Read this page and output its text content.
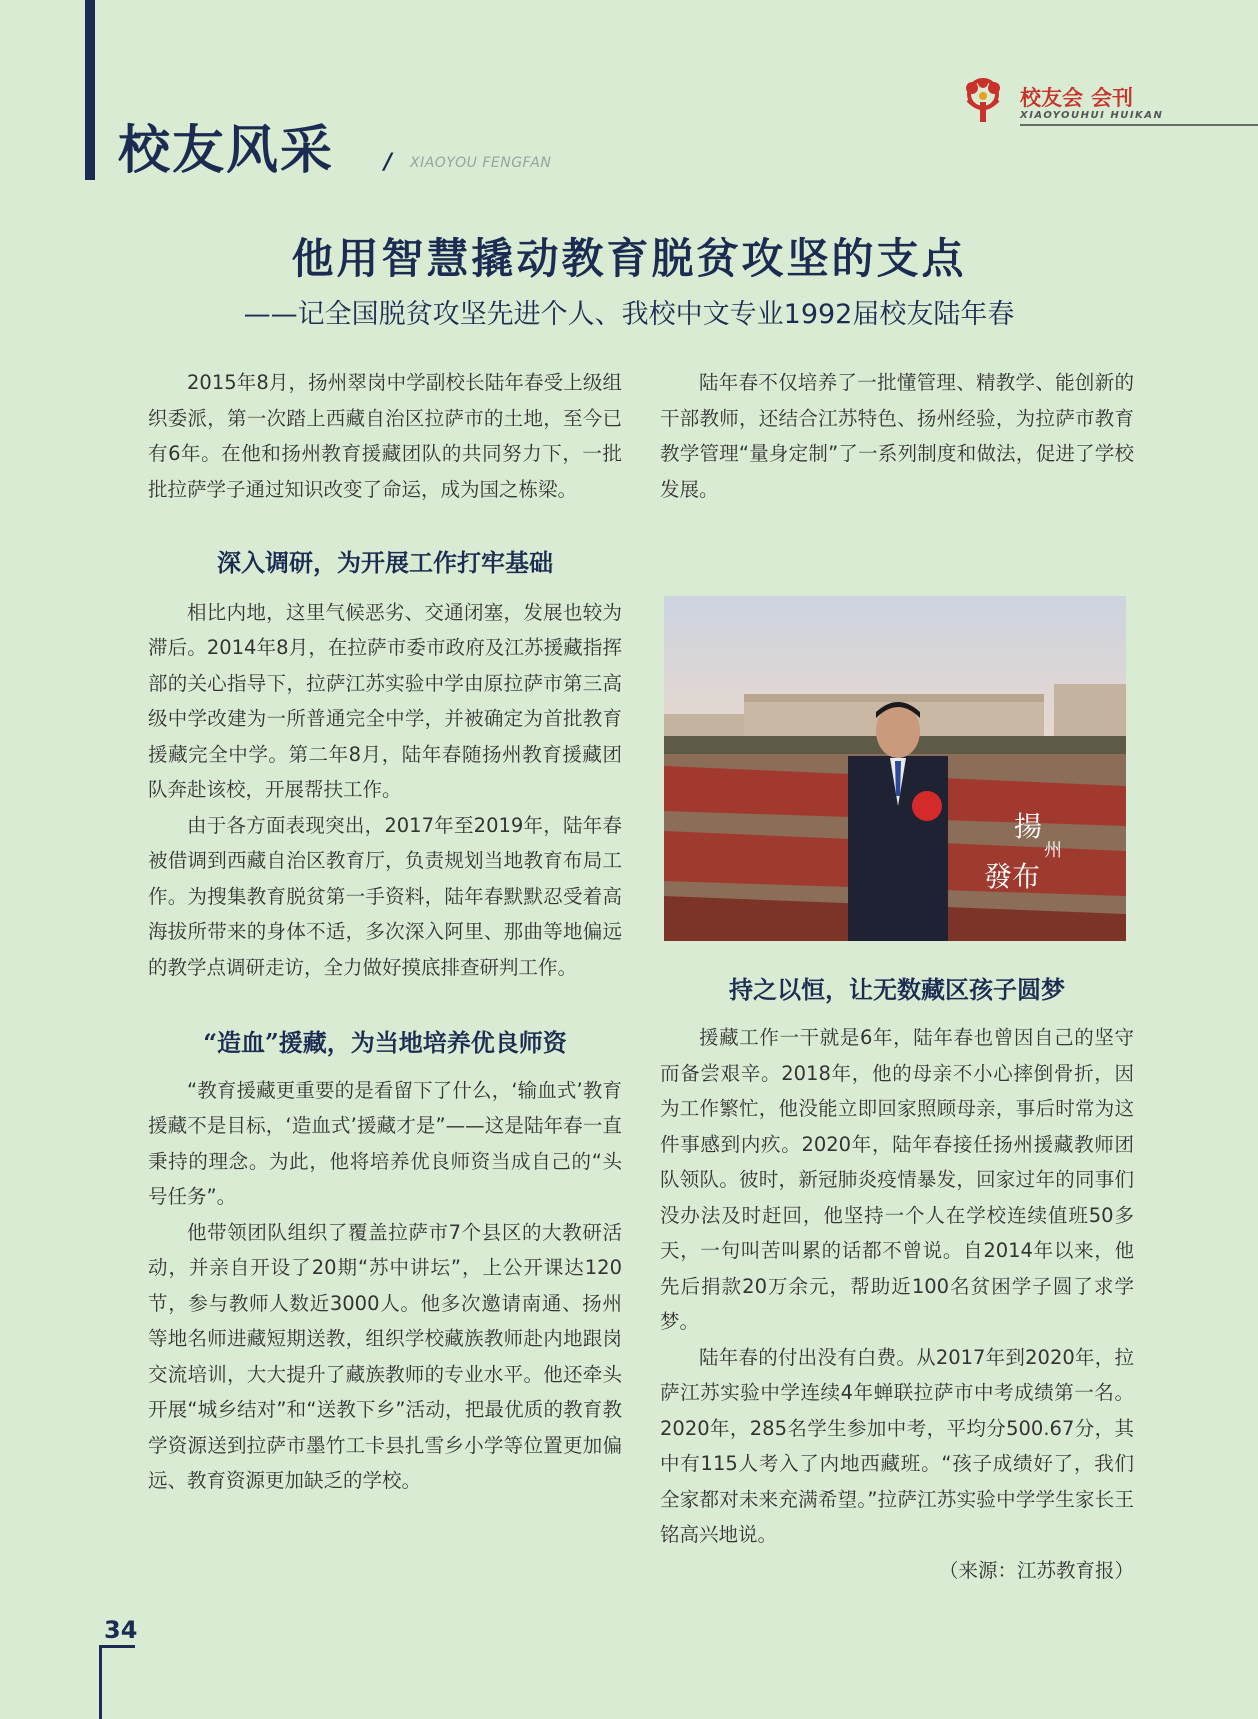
校友风采 / XIAOYOU FENGFAN
校友会 会刊
XIAOYOUHUI HUIKAN
他用智慧撬动教育脱贫攻坚的支点
——记全国脱贫攻坚先进个人、我校中文专业1992届校友陆年春

2015年8月，扬州翠岗中学副校长陆年春受上级组织委派，第一次踏上西藏自治区拉萨市的土地，至今已有6年。在他和扬州教育援藏团队的共同努力下，一批批拉萨学子通过知识改变了命运，成为国之栋梁。

深入调研，为开展工作打牢基础

相比内地，这里气候恶劣、交通闭塞，发展也较为滞后。2014年8月，在拉萨市委市政府及江苏援藏指挥部的关心指导下，拉萨江苏实验中学由原拉萨市第三高级中学改建为一所普通完全中学，并被确定为首批教育援藏完全中学。第二年8月，陆年春随扬州教育援藏团队奔赴该校，开展帮扶工作。

由于各方面表现突出，2017年至2019年，陆年春被借调到西藏自治区教育厅，负责规划当地教育布局工作。为搜集教育脱贫第一手资料，陆年春默默忍受着高海拔所带来的身体不适，多次深入阿里、那曲等地偏远的教学点调研走访，全力做好摸底排查研判工作。

“造血”援藏，为当地培养优良师资

“教育援藏更重要的是看留下了什么，‘输血式’教育援藏不是目标，‘造血式’援藏才是”——这是陆年春一直秉持的理念。为此，他将培养优良师资当成自己的“头号任务”。

他带领团队组织了覆盖拉萨市7个县区的大教研活动，并亲自开设了20期“苏中讲坛”，上公开课达120节，参与教师人数近3000人。他多次邀请南通、扬州等地名师进藏短期送教，组织学校藏族教师赴内地跟岗交流培训，大大提升了藏族教师的专业水平。他还牵头开展“城乡结对”和“送教下乡”活动，把最优质的教育教学资源送到拉萨市墨竹工卡县扎雪乡小学等位置更加偏远、教育资源更加缺乏的学校。

陆年春不仅培养了一批懂管理、精教学、能创新的干部教师，还结合江苏特色、扬州经验，为拉萨市教育教学管理“量身定制”了一系列制度和做法，促进了学校发展。

揚
州
發布
持之以恒，让无数藏区孩子圆梦

援藏工作一干就是6年，陆年春也曾因自己的坚守而备尝艰辛。2018年，他的母亲不小心摔倒骨折，因为工作繁忙，他没能立即回家照顾母亲，事后时常为这件事感到内疚。2020年，陆年春接任扬州援藏教师团队领队。彼时，新冠肺炎疫情暴发，回家过年的同事们没办法及时赶回，他坚持一个人在学校连续值班50多天，一句叫苦叫累的话都不曾说。自2014年以来，他先后捐款20万余元，帮助近100名贫困学子圆了求学梦。

陆年春的付出没有白费。从2017年到2020年，拉萨江苏实验中学连续4年蝉联拉萨市中考成绩第一名。2020年，285名学生参加中考，平均分500.67分，其中有115人考入了内地西藏班。“孩子成绩好了，我们全家都对未来充满希望。”拉萨江苏实验中学学生家长王铭高兴地说。

（来源：江苏教育报）

34
